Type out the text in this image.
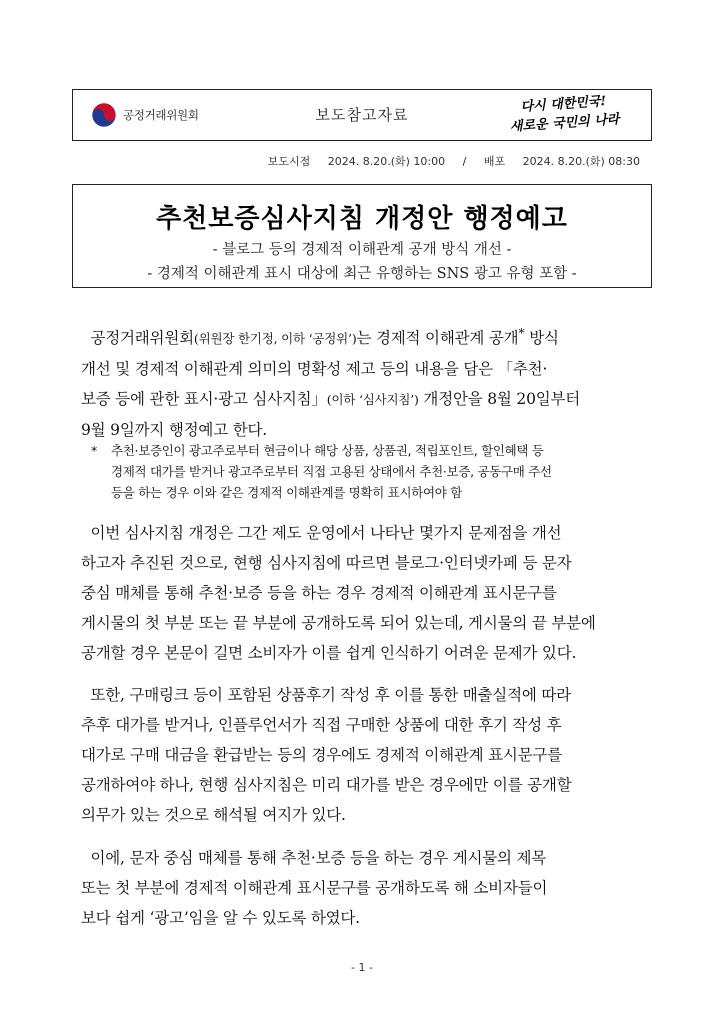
공정거래위원회	보도참고자료
다시 대한민국!
새로운 국민의 나라
보도시점 2024. 8.20.(화) 10:00 / 배포 2024. 8.20.(화) 08:30
추천보증심사지침 개정안 행정예고
- 블로그 등의 경제적 이해관계 공개 방식 개선 -
- 경제적 이해관계 표시 대상에 최근 유행하는 SNS 광고 유형 포함 -
공정거래위원회(위원장 한기정, 이하 ‘공정위’)는 경제적 이해관계 공개* 방식
개선 및 경제적 이해관계 의미의 명확성 제고 등의 내용을 담은 「추천·
보증 등에 관한 표시·광고 심사지침」(이하 ‘심사지침’) 개정안을 8월 20일부터
9월 9일까지 행정예고 한다.
* 추천·보증인이 광고주로부터 현금이나 해당 상품, 상품권, 적립포인트, 할인혜택 등
경제적 대가를 받거나 광고주로부터 직접 고용된 상태에서 추천·보증, 공동구매 주선
등을 하는 경우 이와 같은 경제적 이해관계를 명확히 표시하여야 함
이번 심사지침 개정은 그간 제도 운영에서 나타난 몇가지 문제점을 개선
하고자 추진된 것으로, 현행 심사지침에 따르면 블로그·인터넷카페 등 문자
중심 매체를 통해 추천·보증 등을 하는 경우 경제적 이해관계 표시문구를
게시물의 첫 부분 또는 끝 부분에 공개하도록 되어 있는데, 게시물의 끝 부분에
공개할 경우 본문이 길면 소비자가 이를 쉽게 인식하기 어려운 문제가 있다.
또한, 구매링크 등이 포함된 상품후기 작성 후 이를 통한 매출실적에 따라
추후 대가를 받거나, 인플루언서가 직접 구매한 상품에 대한 후기 작성 후
대가로 구매 대금을 환급받는 등의 경우에도 경제적 이해관계 표시문구를
공개하여야 하나, 현행 심사지침은 미리 대가를 받은 경우에만 이를 공개할
의무가 있는 것으로 해석될 여지가 있다.
이에, 문자 중심 매체를 통해 추천·보증 등을 하는 경우 게시물의 제목
또는 첫 부분에 경제적 이해관계 표시문구를 공개하도록 해 소비자들이
보다 쉽게 ‘광고’임을 알 수 있도록 하였다.
- 1 -
